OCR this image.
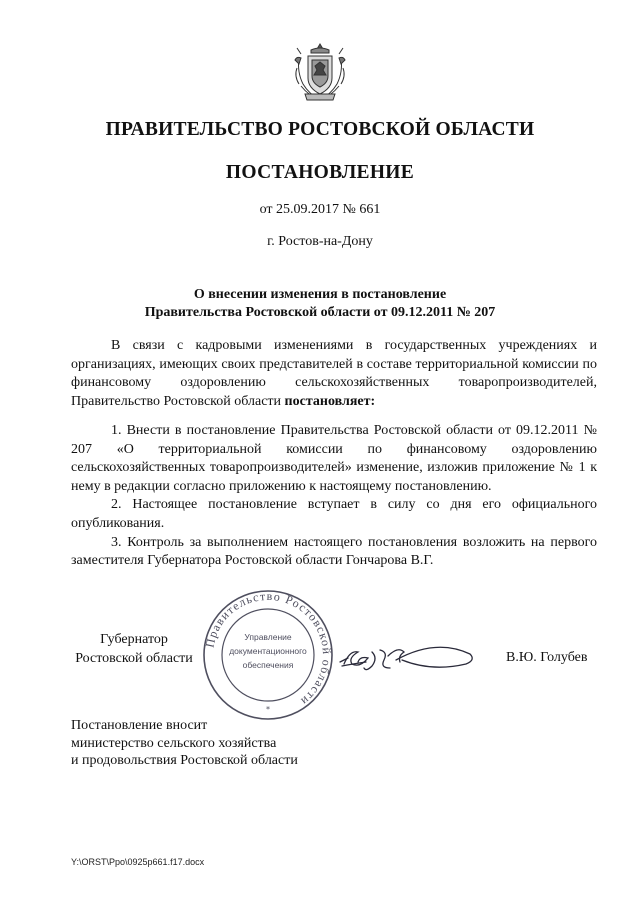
ПРАВИТЕЛЬСТВО РОСТОВСКОЙ ОБЛАСТИ
ПОСТАНОВЛЕНИЕ
от 25.09.2017 № 661
г. Ростов-на-Дону
О внесении изменения в постановление
Правительства Ростовской области от 09.12.2011 № 207

В связи с кадровыми изменениями в государственных учреждениях и организациях, имеющих своих представителей в составе территориальной комиссии по финансовому оздоровлению сельскохозяйственных товаропроизводителей, Правительство Ростовской области постановляет:

1. Внести в постановление Правительства Ростовской области от 09.12.2011 № 207 «О территориальной комиссии по финансовому оздоровлению сельскохозяйственных товаропроизводителей» изменение, изложив приложение № 1 к нему в редакции согласно приложению к настоящему постановлению.

2. Настоящее постановление вступает в силу со дня его официального опубликования.

3. Контроль за выполнением настоящего постановления возложить на первого заместителя Губернатора Ростовской области Гончарова В.Г.

Губернатор
Ростовской области
Правительство Ростовской области
Управление
документационного
обеспечения
*
В.Ю. Голубев
Постановление вносит
министерство сельского хозяйства
и продовольствия Ростовской области
Y:\ORST\Ppo\0925p661.f17.docx
